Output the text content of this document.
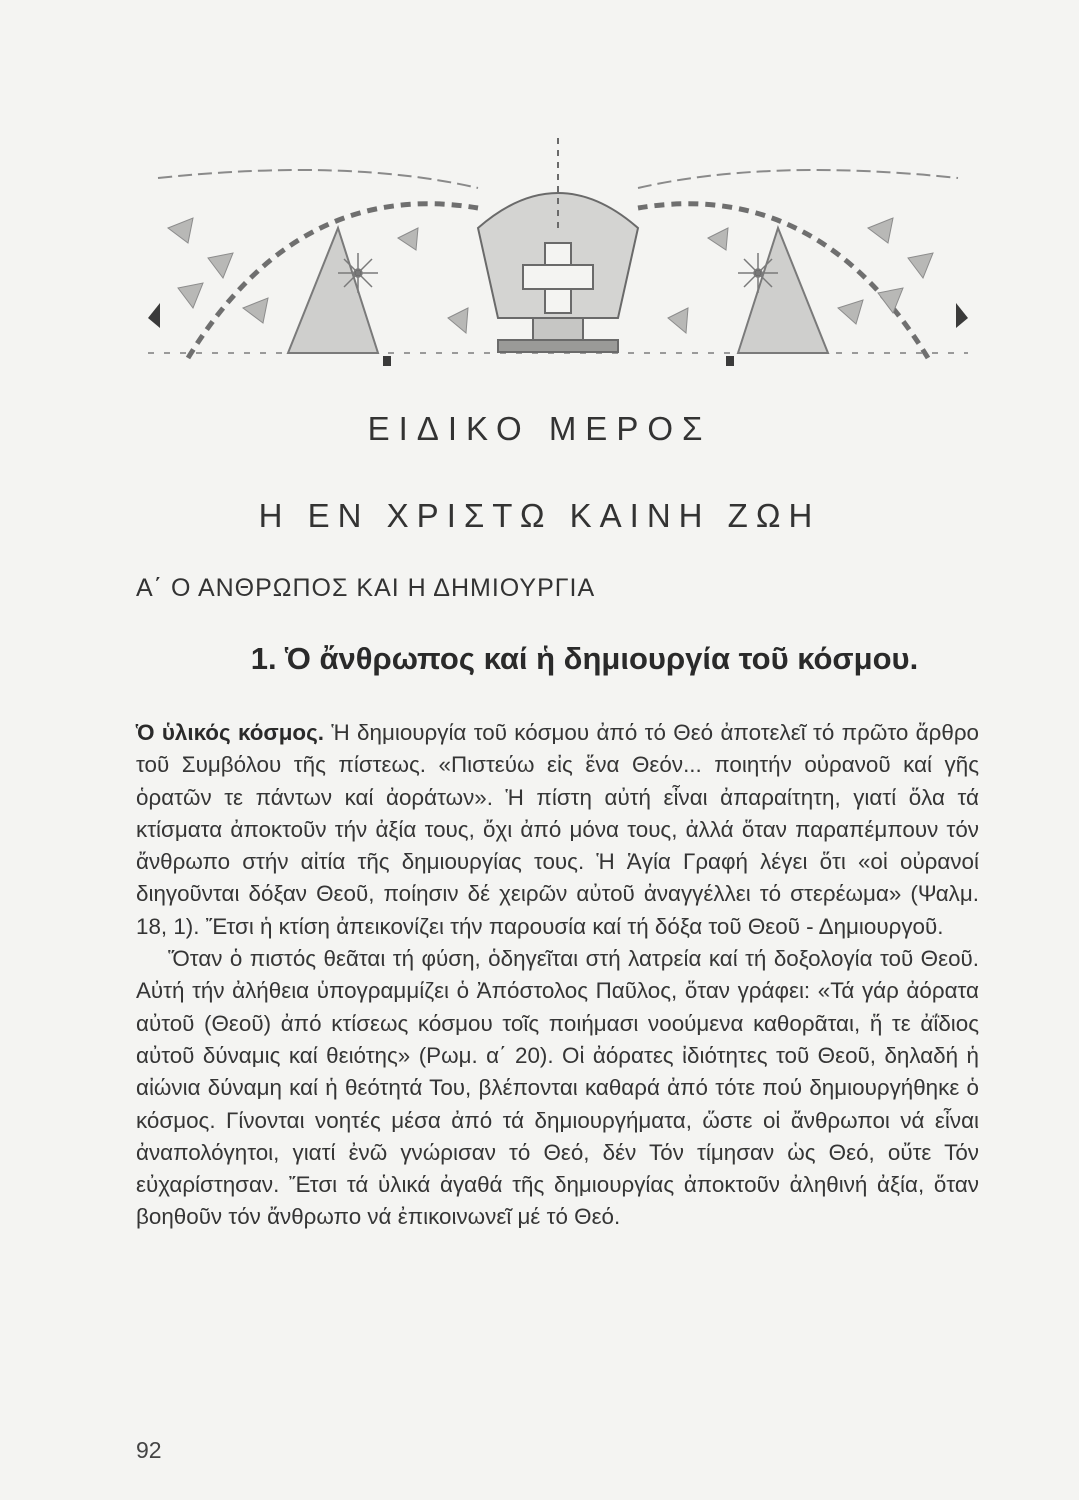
ΕΙΔΙΚΟ ΜΕΡΟΣ
Η ΕΝ ΧΡΙΣΤΩ ΚΑΙΝΗ ΖΩΗ
Α΄ Ο ΑΝΘΡΩΠΟΣ ΚΑΙ Η ΔΗΜΙΟΥΡΓΙΑ
1. Ὁ ἄνθρωπος καί ἡ δημιουργία τοῦ κόσμου.

Ὁ ὑλικός κόσμος. Ἡ δημιουργία τοῦ κόσμου ἀπό τό Θεό ἀποτελεῖ τό πρῶτο ἄρθρο τοῦ Συμβόλου τῆς πίστεως. «Πιστεύω εἰς ἕνα Θεόν... ποιητήν οὐρανοῦ καί γῆς ὁρατῶν τε πάντων καί ἀοράτων». Ἡ πίστη αὐτή εἶναι ἀπαραίτητη, γιατί ὅλα τά κτίσματα ἀποκτοῦν τήν ἀξία τους, ὄχι ἀπό μόνα τους, ἀλλά ὅταν παραπέμπουν τόν ἄνθρωπο στήν αἰτία τῆς δημιουργίας τους. Ἡ Ἁγία Γραφή λέγει ὅτι «οἱ οὐρανοί διηγοῦνται δόξαν Θεοῦ, ποίησιν δέ χειρῶν αὐτοῦ ἀναγγέλλει τό στερέωμα» (Ψαλμ. 18, 1). Ἔτσι ἡ κτίση ἀπεικονίζει τήν παρουσία καί τή δόξα τοῦ Θεοῦ - Δημιουργοῦ.

Ὅταν ὁ πιστός θεᾶται τή φύση, ὁδηγεῖται στή λατρεία καί τή δοξολογία τοῦ Θεοῦ. Αὐτή τήν ἀλήθεια ὑπογραμμίζει ὁ Ἀπόστολος Παῦλος, ὅταν γράφει: «Τά γάρ ἀόρατα αὐτοῦ (Θεοῦ) ἀπό κτίσεως κόσμου τοῖς ποιήμασι νοούμενα καθορᾶται, ἥ τε ἀΐδιος αὐτοῦ δύναμις καί θειότης» (Ρωμ. α΄ 20). Οἱ ἀόρατες ἰδιότητες τοῦ Θεοῦ, δηλαδή ἡ αἰώνια δύναμη καί ἡ θεότητά Του, βλέπονται καθαρά ἀπό τότε πού δημιουργήθηκε ὁ κόσμος. Γίνονται νοητές μέσα ἀπό τά δημιουργήματα, ὥστε οἱ ἄνθρωποι νά εἶναι ἀναπολόγητοι, γιατί ἐνῶ γνώρισαν τό Θεό, δέν Τόν τίμησαν ὡς Θεό, οὔτε Τόν εὐχαρίστησαν. Ἔτσι τά ὑλικά ἀγαθά τῆς δημιουργίας ἀποκτοῦν ἀληθινή ἀξία, ὅταν βοηθοῦν τόν ἄνθρωπο νά ἐπικοινωνεῖ μέ τό Θεό.

92
